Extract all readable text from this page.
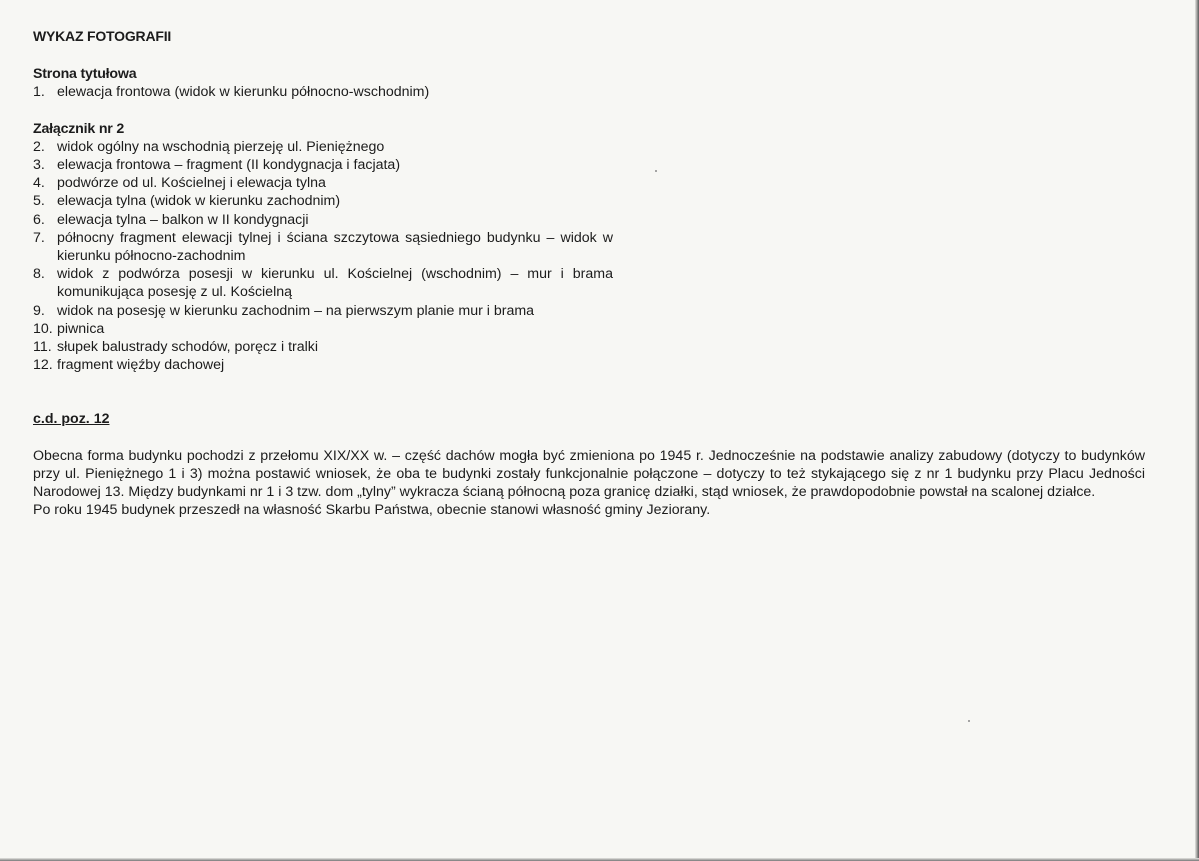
WYKAZ FOTOGRAFII
Strona tytułowa
1. elewacja frontowa (widok w kierunku północno-wschodnim)
Załącznik nr 2
2. widok ogólny na wschodnią pierzeję ul. Pieniężnego
3. elewacja frontowa – fragment (II kondygnacja i facjata)
4. podwórze od ul. Kościelnej i elewacja tylna
5. elewacja tylna (widok w kierunku zachodnim)
6. elewacja tylna – balkon w II kondygnacji
7. północny fragment elewacji tylnej i ściana szczytowa sąsiedniego budynku – widok w kierunku północno-zachodnim
8. widok z podwórza posesji w kierunku ul. Kościelnej (wschodnim) – mur i brama komunikująca posesję z ul. Kościelną
9. widok na posesję w kierunku zachodnim – na pierwszym planie mur i brama
10. piwnica
11. słupek balustrady schodów, poręcz i tralki
12. fragment więźby dachowej
c.d. poz. 12

Obecna forma budynku pochodzi z przełomu XIX/XX w. – część dachów mogła być zmieniona po 1945 r. Jednocześnie na podstawie analizy zabudowy (dotyczy to budynków przy ul. Pieniężnego 1 i 3) można postawić wniosek, że oba te budynki zostały funkcjonalnie połączone – dotyczy to też stykającego się z nr 1 budynku przy Placu Jedności Narodowej 13. Między budynkami nr 1 i 3 tzw. dom „tylny” wykracza ścianą północną poza granicę działki, stąd wniosek, że prawdopodobnie powstał na scalonej działce.

Po roku 1945 budynek przeszedł na własność Skarbu Państwa, obecnie stanowi własność gminy Jeziorany.
